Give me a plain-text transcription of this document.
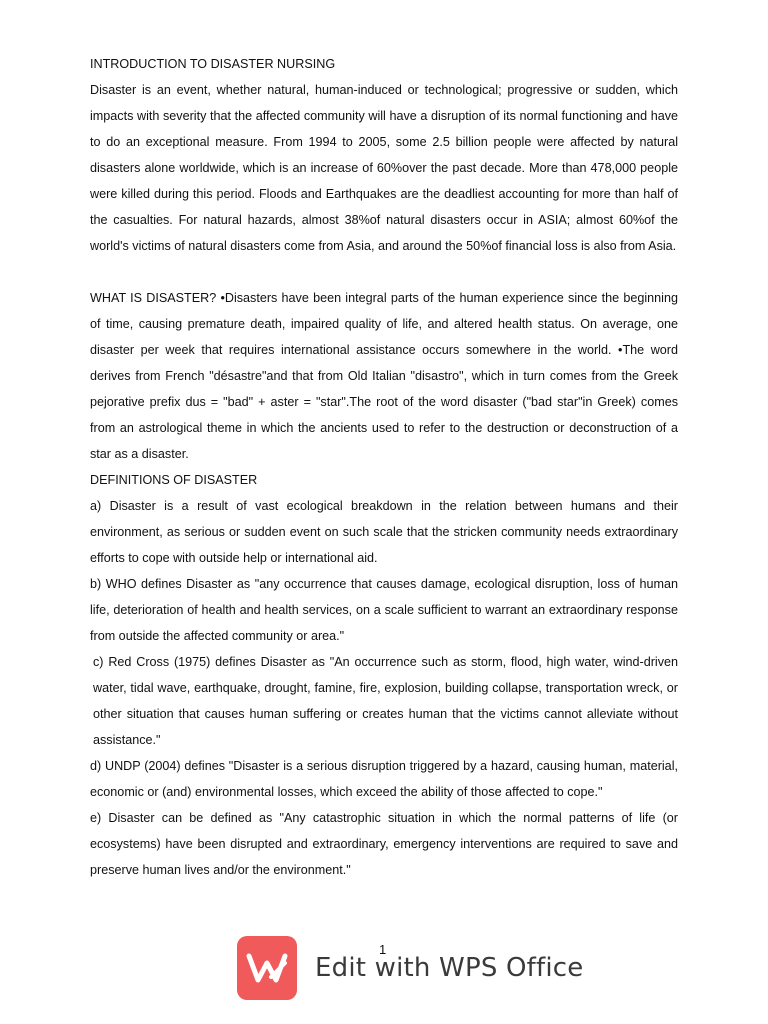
INTRODUCTION TO DISASTER NURSING

Disaster is an event, whether natural, human-induced or technological; progressive or sudden, which impacts with severity that the affected community will have a disruption of its normal functioning and have to do an exceptional measure. From 1994 to 2005, some 2.5 billion people were affected by natural disasters alone worldwide, which is an increase of 60%over the past decade. More than 478,000 people were killed during this period. Floods and Earthquakes are the deadliest accounting for more than half of the casualties. For natural hazards, almost 38%of natural disasters occur in ASIA; almost 60%of the world's victims of natural disasters come from Asia, and around the 50%of financial loss is also from Asia.

WHAT IS DISASTER? •Disasters have been integral parts of the human experience since the beginning of time, causing premature death, impaired quality of life, and altered health status. On average, one disaster per week that requires international assistance occurs somewhere in the world. •The word derives from French "désastre"and that from Old Italian "disastro", which in turn comes from the Greek pejorative prefix dus = "bad" + aster = "star".The root of the word disaster ("bad star"in Greek) comes from an astrological theme in which the ancients used to refer to the destruction or deconstruction of a star as a disaster.

DEFINITIONS OF DISASTER

a) Disaster is a result of vast ecological breakdown in the relation between humans and their environment, as serious or sudden event on such scale that the stricken community needs extraordinary efforts to cope with outside help or international aid.

b) WHO defines Disaster as "any occurrence that causes damage, ecological disruption, loss of human life, deterioration of health and health services, on a scale sufficient to warrant an extraordinary response from outside the affected community or area."

c) Red Cross (1975) defines Disaster as "An occurrence such as storm, flood, high water, wind-driven water, tidal wave, earthquake, drought, famine, fire, explosion, building collapse, transportation wreck, or other situation that causes human suffering or creates human that the victims cannot alleviate without assistance."

d) UNDP (2004) defines "Disaster is a serious disruption triggered by a hazard, causing human, material, economic or (and) environmental losses, which exceed the ability of those affected to cope."

e) Disaster can be defined as "Any catastrophic situation in which the normal patterns of life (or ecosystems) have been disrupted and extraordinary, emergency interventions are required to save and preserve human lives and/or the environment."

1
Edit with WPS Office
